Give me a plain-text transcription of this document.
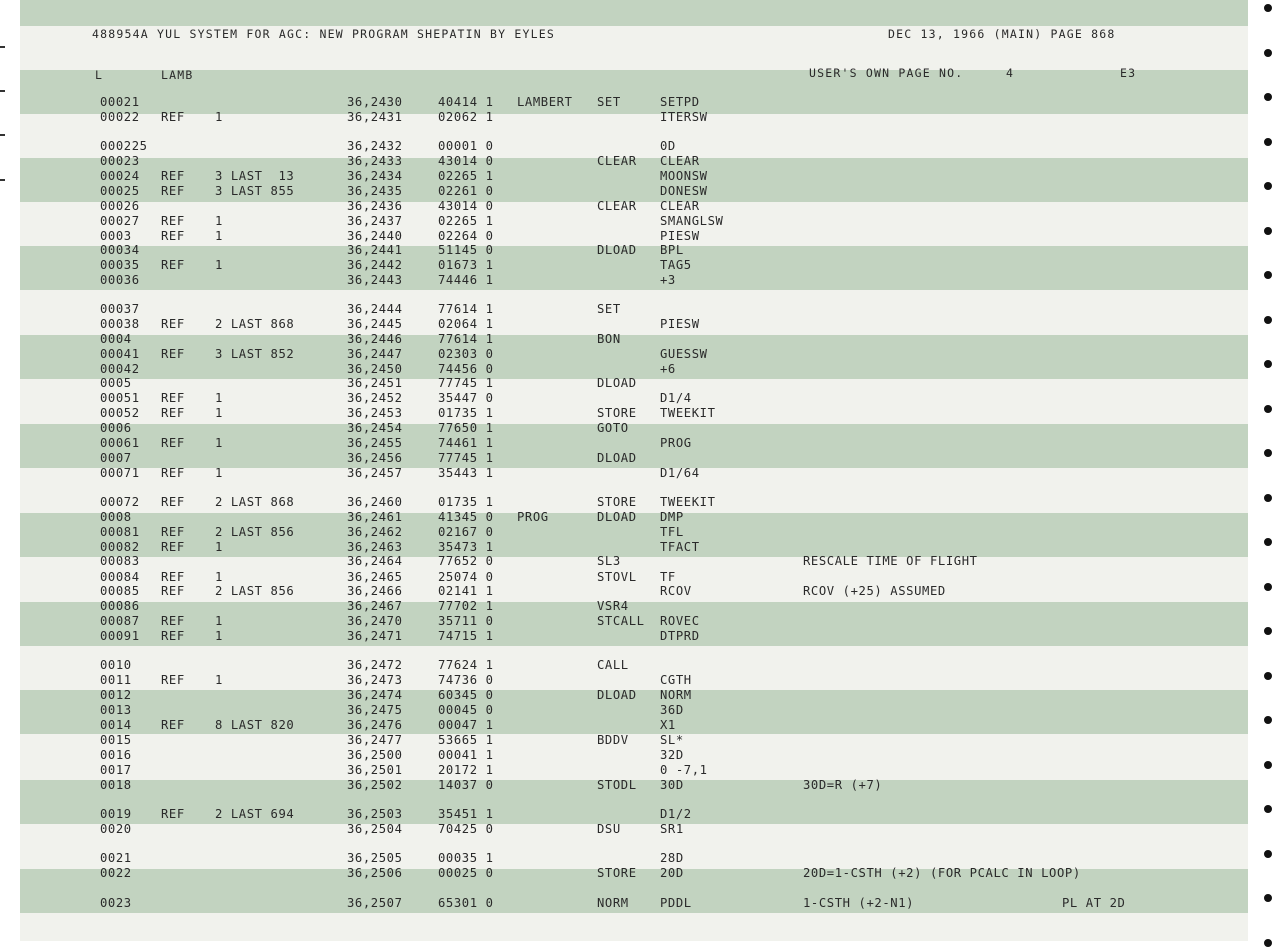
488954A YUL SYSTEM FOR AGC: NEW PROGRAM SHEPATIN BY EYLES	DEC 13, 1966 (MAIN) PAGE 868
L	LAMB	USER'S OWN PAGE NO.	4	E3
00021	36,2430	40414 1 LAMBERT SET	SETPD
00022 REF 1	36,2431	02062 1	ITERSW
000225	36,2432	00001 0	0D
00023	36,2433	43014 0	CLEAR CLEAR
00024 REF 3 LAST  13	36,2434	02265 1	MOONSW
00025 REF 3 LAST 855	36,2435	02261 0	DONESW
00026	36,2436	43014 0	CLEAR CLEAR
00027 REF 1	36,2437	02265 1	SMANGLSW
0003 REF 1	36,2440	02264 0	PIESW
00034	36,2441	51145 0	DLOAD BPL
00035 REF 1	36,2442	01673 1	TAG5
00036	36,2443	74446 1	+3
00037	36,2444	77614 1	SET
00038 REF 2 LAST 868	36,2445	02064 1	PIESW
0004	36,2446	77614 1	BON
00041 REF 3 LAST 852	36,2447	02303 0	GUESSW
00042	36,2450	74456 0	+6
0005	36,2451	77745 1	DLOAD
00051 REF 1	36,2452	35447 0	D1/4
00052 REF 1	36,2453	01735 1	STORE TWEEKIT
0006	36,2454	77650 1	GOTO
00061 REF 1	36,2455	74461 1	PROG
0007	36,2456	77745 1	DLOAD
00071 REF 1	36,2457	35443 1	D1/64
00072 REF 2 LAST 868	36,2460	01735 1	STORE TWEEKIT
0008	36,2461	41345 0 PROG	DLOAD DMP
00081 REF 2 LAST 856	36,2462	02167 0	TFL
00082 REF 1	36,2463	35473 1	TFACT
00083	36,2464	77652 0	SL3	RESCALE TIME OF FLIGHT
00084 REF 1	36,2465	25074 0	STOVL TF
00085 REF 2 LAST 856	36,2466	02141 1	RCOV	RCOV (+25) ASSUMED
00086	36,2467	77702 1	VSR4
00087 REF 1	36,2470	35711 0	STCALL ROVEC
00091 REF 1	36,2471	74715 1	DTPRD
0010	36,2472	77624 1	CALL
0011 REF 1	36,2473	74736 0	CGTH
0012	36,2474	60345 0	DLOAD NORM
0013	36,2475	00045 0	36D
0014 REF 8 LAST 820	36,2476	00047 1	X1
0015	36,2477	53665 1	BDDV	SL*
0016	36,2500	00041 1	32D
0017	36,2501	20172 1	0 -7,1
0018	36,2502	14037 0	STODL 30D	30D=R (+7)
0019 REF 2 LAST 694	36,2503	35451 1	D1/2
0020	36,2504	70425 0	DSU	SR1
0021	36,2505	00035 1	28D
0022	36,2506	00025 0	STORE 20D	20D=1-CSTH (+2) (FOR PCALC IN LOOP)
0023	36,2507	65301 0	NORM	PDDL	1-CSTH (+2-N1)	PL AT 2D
